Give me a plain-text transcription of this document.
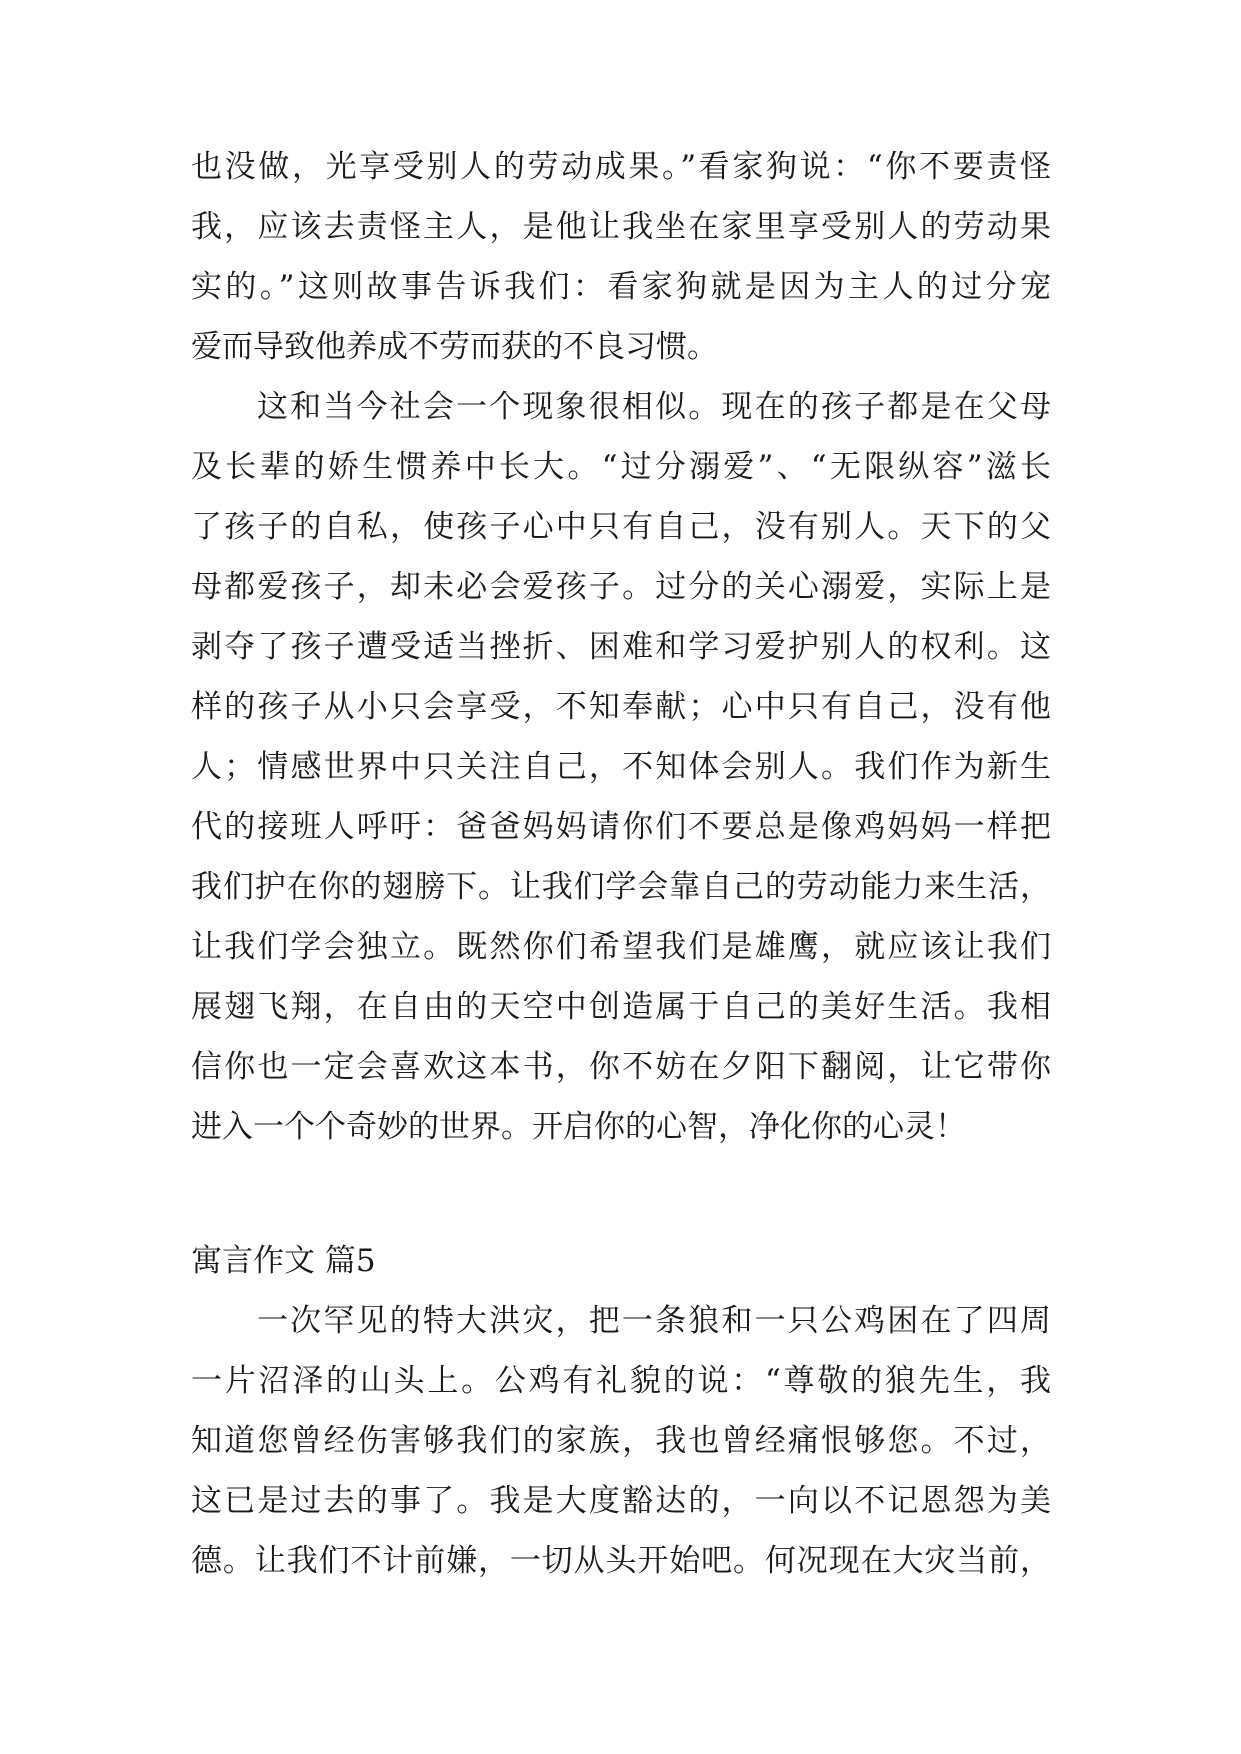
也没做，光享受别人的劳动成果。”看家狗说：“你不要责怪
我，应该去责怪主人，是他让我坐在家里享受别人的劳动果
实的。”这则故事告诉我们：看家狗就是因为主人的过分宠
爱而导致他养成不劳而获的不良习惯。
这和当今社会一个现象很相似。现在的孩子都是在父母
及长辈的娇生惯养中长大。“过分溺爱”、“无限纵容”滋长
了孩子的自私，使孩子心中只有自己，没有别人。天下的父
母都爱孩子，却未必会爱孩子。过分的关心溺爱，实际上是
剥夺了孩子遭受适当挫折、困难和学习爱护别人的权利。这
样的孩子从小只会享受，不知奉献；心中只有自己，没有他
人；情感世界中只关注自己，不知体会别人。我们作为新生
代的接班人呼吁：爸爸妈妈请你们不要总是像鸡妈妈一样把
我们护在你的翅膀下。让我们学会靠自己的劳动能力来生活，
让我们学会独立。既然你们希望我们是雄鹰，就应该让我们
展翅飞翔，在自由的天空中创造属于自己的美好生活。我相
信你也一定会喜欢这本书，你不妨在夕阳下翻阅，让它带你
进入一个个奇妙的世界。开启你的心智，净化你的心灵！
寓言作文 篇5
一次罕见的特大洪灾，把一条狼和一只公鸡困在了四周
一片沼泽的山头上。公鸡有礼貌的说：“尊敬的狼先生，我
知道您曾经伤害够我们的家族，我也曾经痛恨够您。不过，
这已是过去的事了。我是大度豁达的，一向以不记恩怨为美
德。让我们不计前嫌，一切从头开始吧。何况现在大灾当前，
